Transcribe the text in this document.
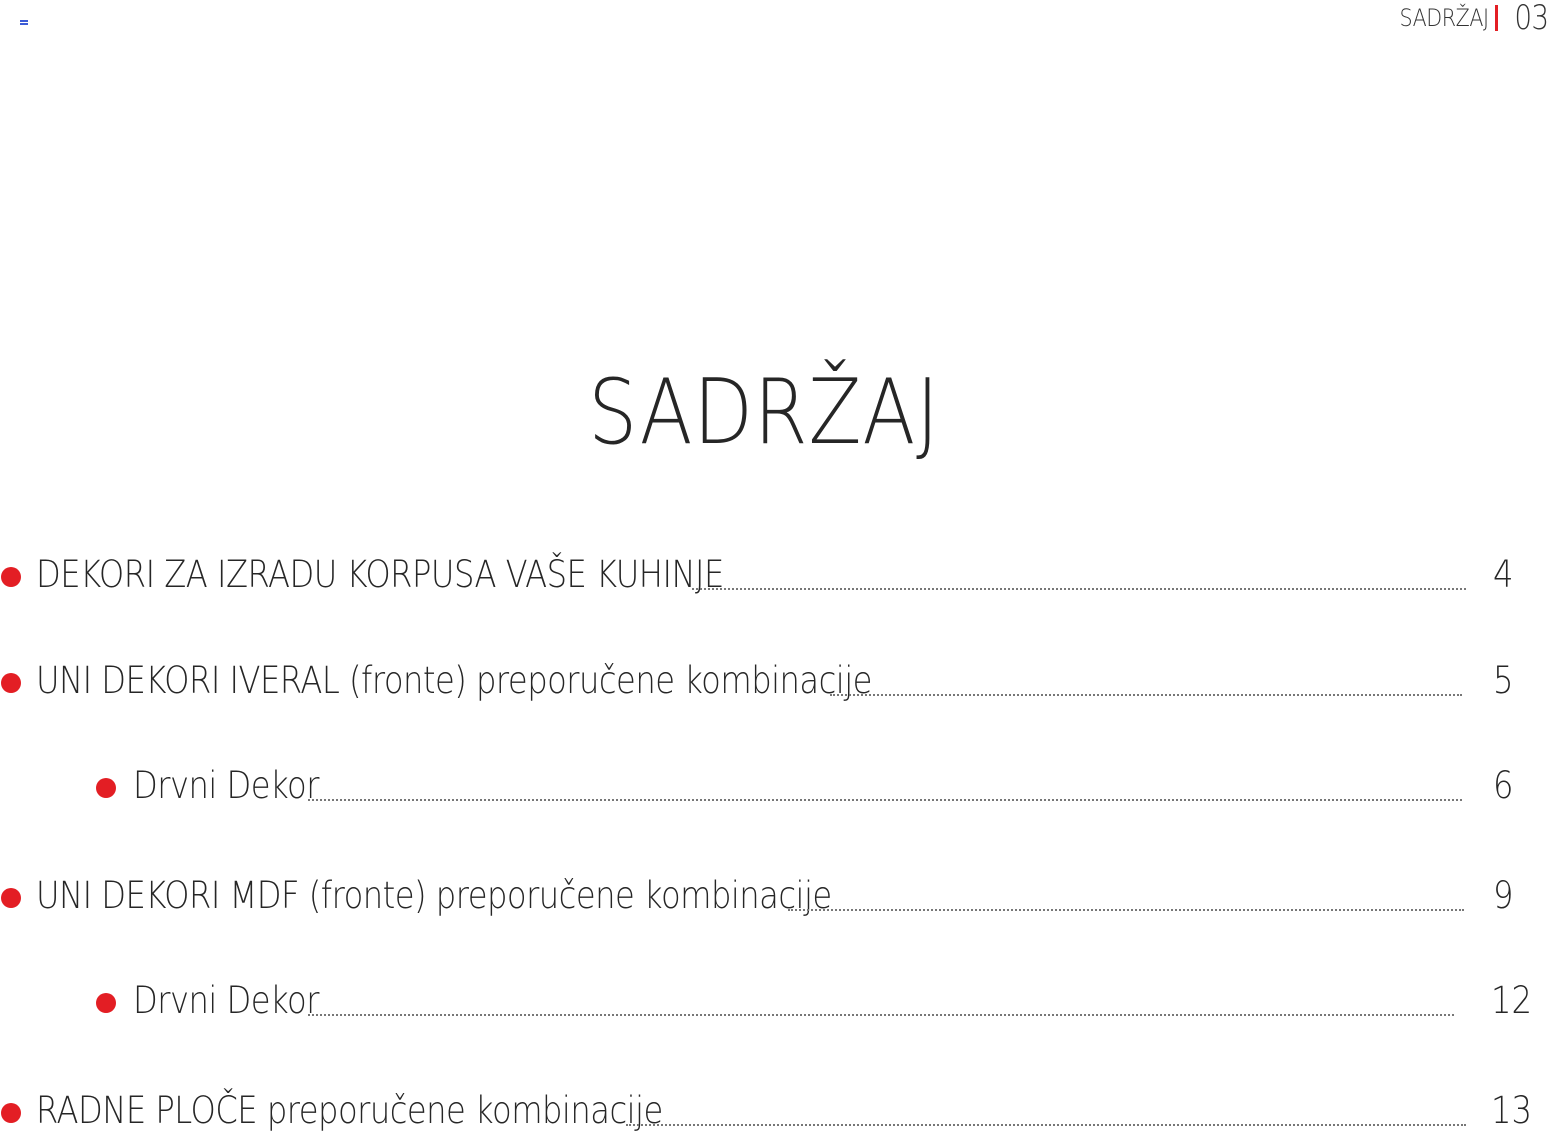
SADRŽAJ 03
SADRŽAJ
DEKORI ZA IZRADU KORPUSA VAŠE KUHINJE	4
UNI DEKORI IVERAL (fronte) preporučene kombinacije	5
Drvni Dekor	6
UNI DEKORI MDF (fronte) preporučene kombinacije	9
Drvni Dekor	12
RADNE PLOČE preporučene kombinacije	13
